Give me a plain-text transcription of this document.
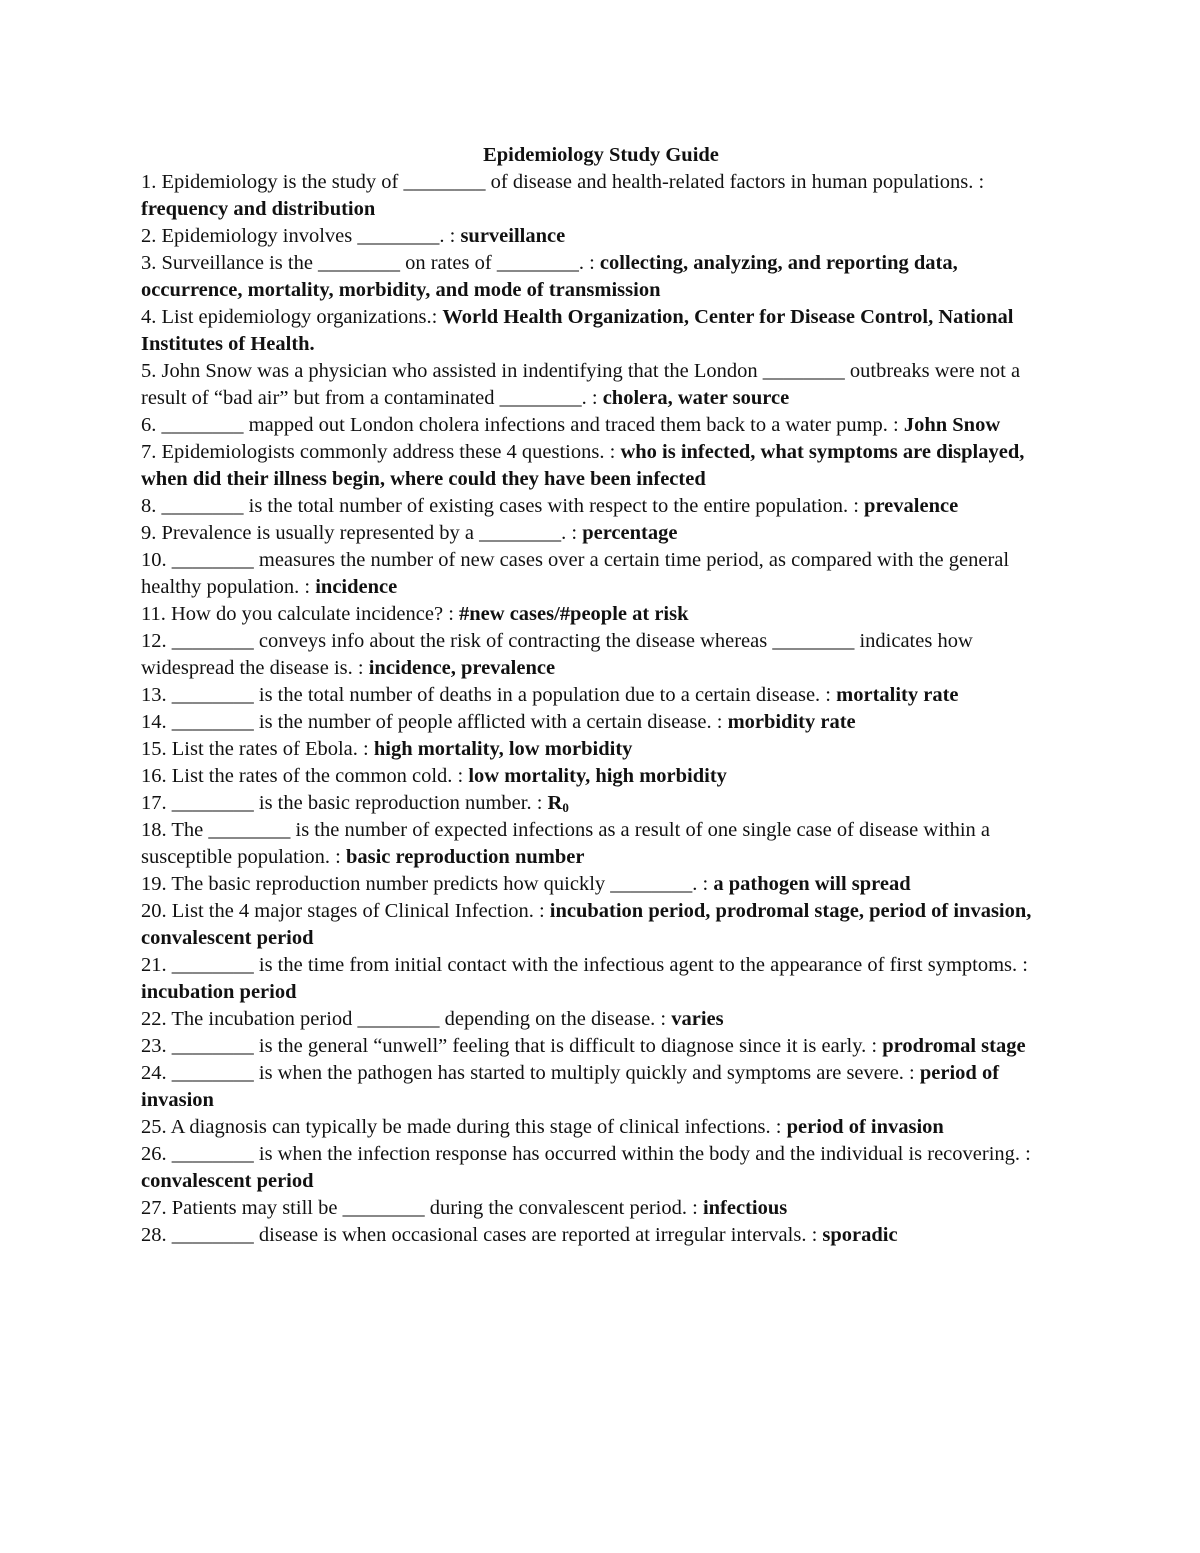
Epidemiology Study Guide

1. Epidemiology is the study of ________ of disease and health-related factors in human populations. : frequency and distribution

2. Epidemiology involves ________. : surveillance

3. Surveillance is the ________ on rates of ________. : collecting, analyzing, and reporting data, occurrence, mortality, morbidity, and mode of transmission

4. List epidemiology organizations.: World Health Organization, Center for Disease Control, National Institutes of Health.

5. John Snow was a physician who assisted in indentifying that the London ________ outbreaks were not a result of “bad air” but from a contaminated ________. : cholera, water source

6. ________ mapped out London cholera infections and traced them back to a water pump. : John Snow

7. Epidemiologists commonly address these 4 questions. : who is infected, what symptoms are displayed, when did their illness begin, where could they have been infected

8. ________ is the total number of existing cases with respect to the entire population. : prevalence

9. Prevalence is usually represented by a ________. : percentage

10. ________ measures the number of new cases over a certain time period, as compared with the general healthy population. : incidence

11. How do you calculate incidence? : #new cases/#people at risk

12. ________ conveys info about the risk of contracting the disease whereas ________ indicates how widespread the disease is. : incidence, prevalence

13. ________ is the total number of deaths in a population due to a certain disease. : mortality rate

14. ________ is the number of people afflicted with a certain disease. : morbidity rate

15. List the rates of Ebola. : high mortality, low morbidity

16. List the rates of the common cold. : low mortality, high morbidity

17. ________ is the basic reproduction number. : $R_0$

18. The ________ is the number of expected infections as a result of one single case of disease within a susceptible population. : basic reproduction number

19. The basic reproduction number predicts how quickly ________. : a pathogen will spread

20. List the 4 major stages of Clinical Infection. : incubation period, prodromal stage, period of invasion, convalescent period

21. ________ is the time from initial contact with the infectious agent to the appearance of first symptoms. : incubation period

22. The incubation period ________ depending on the disease. : varies

23. ________ is the general “unwell” feeling that is difficult to diagnose since it is early. : prodromal stage

24. ________ is when the pathogen has started to multiply quickly and symptoms are severe. : period of invasion

25. A diagnosis can typically be made during this stage of clinical infections. : period of invasion

26. ________ is when the infection response has occurred within the body and the individual is recovering. : convalescent period

27. Patients may still be ________ during the convalescent period. : infectious

28. ________ disease is when occasional cases are reported at irregular intervals. : sporadic
